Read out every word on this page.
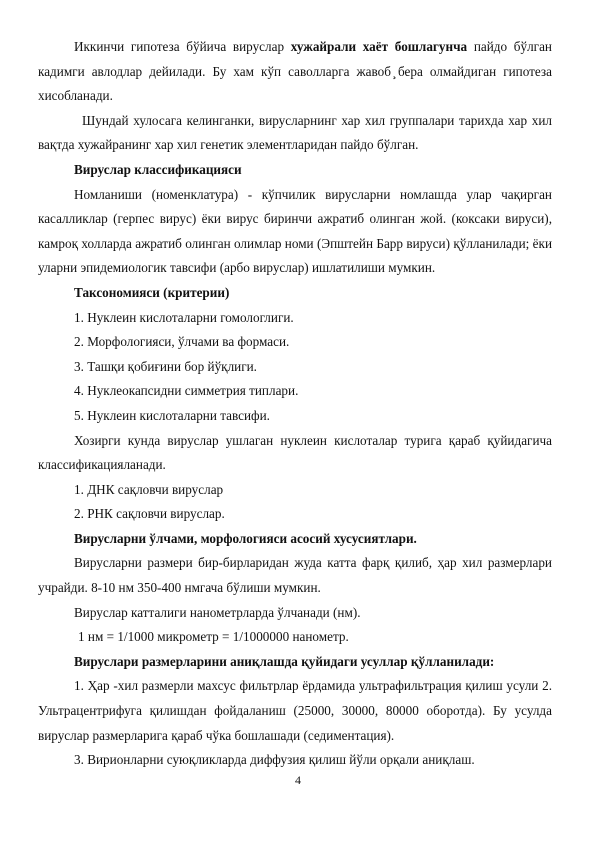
Иккинчи гипотеза бўйича вируслар хужайрали хаёт бошлагунча пайдо бўлган кадимги авлодлар дейилади. Бу хам кўп саволларга жавоб ̧бера олмайдиган гипотеза хисобланади.

Шундай хулосага келинганки, вирусларнинг хар хил группалари тарихда хар хил вақтда хужайранинг хар хил генетик элементларидан пайдо бўлган.

Вируслар классификацияси

Номланиши (номенклатура) - кўпчилик вирусларни номлашда улар чақирган касалликлар (герпес вирус) ёки вирус биринчи ажратиб олинган жой. (коксаки вируси), камроқ холларда ажратиб олинган олимлар номи (Эпштейн Барр вируси) қўлланилади; ёки уларни эпидемиологик тавсифи (арбо вируслар) ишлатилиши мумкин.

Таксономияси (критерии)

1. Нуклеин кислоталарни гомологлиги.
2. Морфологияси, ўлчами ва формаси.
3. Ташқи қобиғини бор йўқлиги.
4. Нуклеокапсидни симметрия типлари.
5. Нуклеин кислоталарни тавсифи.

Хозирги кунда вируслар ушлаган нуклеин кислоталар турига қараб қуйидагича классификацияланади.

1. ДНК сақловчи вируслар
2. РНК сақловчи вируслар.

Вирусларни ўлчами, морфологияси асосий хусусиятлари.

Вирусларни размери бир-бирларидан жуда катта фарқ қилиб, ҳар хил размерлари учрайди. 8-10 нм 350-400 нмгача бўлиши мумкин.

Вируслар катталиги нанометрларда ўлчанади (нм).

1 нм = 1/1000 микрометр = 1/1000000 нанометр.

Вируслари размерларини аниқлашда қуйидаги усуллар қўлланилади:

1. Ҳар -хил размерли махсус фильтрлар ёрдамида ультрафильтрация қилиш усули 2. Ультрацентрифуга қилишдан фойдаланиш (25000, 30000, 80000 оборотда). Бу усулда вируслар размерларига қараб чўка бошлашади (седиментация).

3. Вирионларни суюқликларда диффузия қилиш йўли орқали аниқлаш.

4
